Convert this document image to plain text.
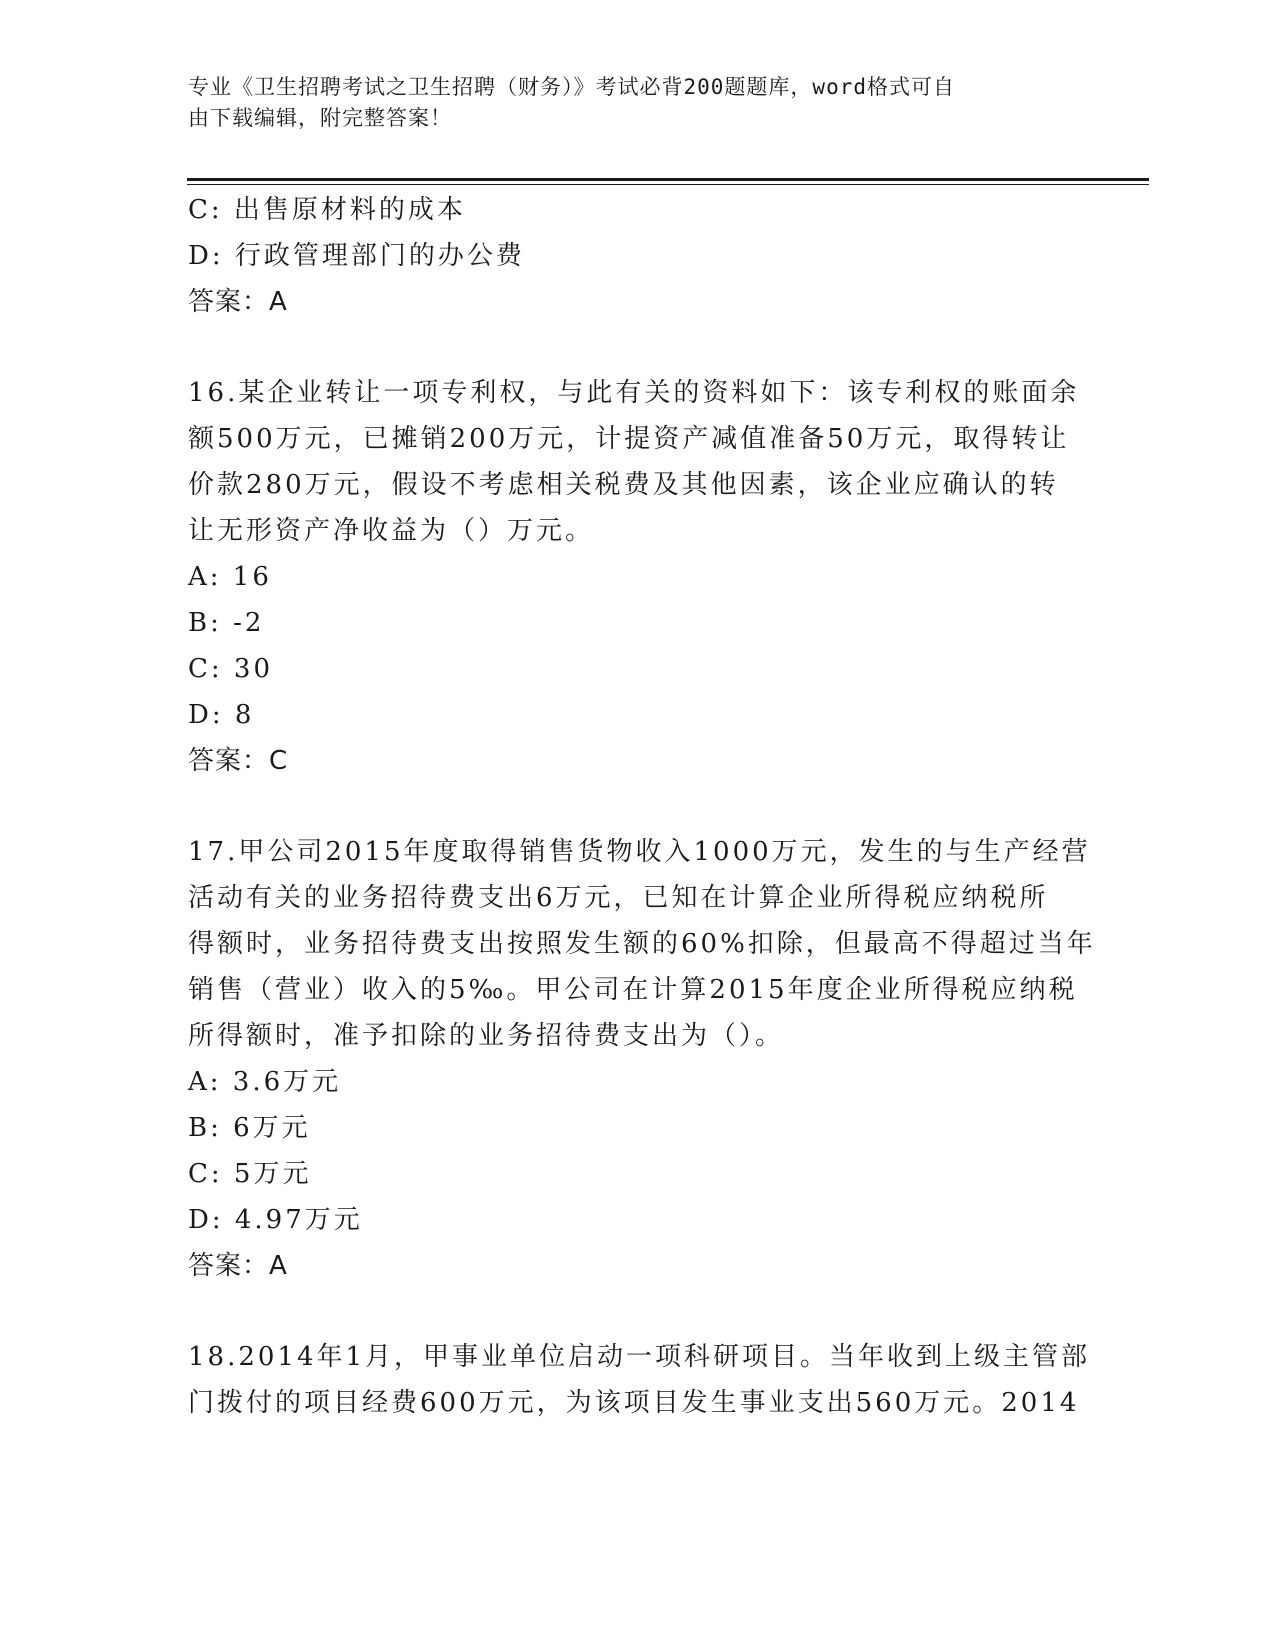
专业《卫生招聘考试之卫生招聘（财务）》考试必背200题题库，word格式可自
由下载编辑，附完整答案！
C: 出售原材料的成本
D: 行政管理部门的办公费
答案：A
16.某企业转让一项专利权，与此有关的资料如下：该专利权的账面余
额500万元，已摊销200万元，计提资产减值准备50万元，取得转让
价款280万元，假设不考虑相关税费及其他因素，该企业应确认的转
让无形资产净收益为（）万元。
A: 16
B: -2
C: 30
D: 8
答案：C
17.甲公司2015年度取得销售货物收入1000万元，发生的与生产经营
活动有关的业务招待费支出6万元，已知在计算企业所得税应纳税所
得额时，业务招待费支出按照发生额的60%扣除，但最高不得超过当年
销售（营业）收入的5‰。甲公司在计算2015年度企业所得税应纳税
所得额时，准予扣除的业务招待费支出为（）。
A: 3.6万元
B: 6万元
C: 5万元
D: 4.97万元
答案：A
18.2014年1月，甲事业单位启动一项科研项目。当年收到上级主管部
门拨付的项目经费600万元，为该项目发生事业支出560万元。2014
